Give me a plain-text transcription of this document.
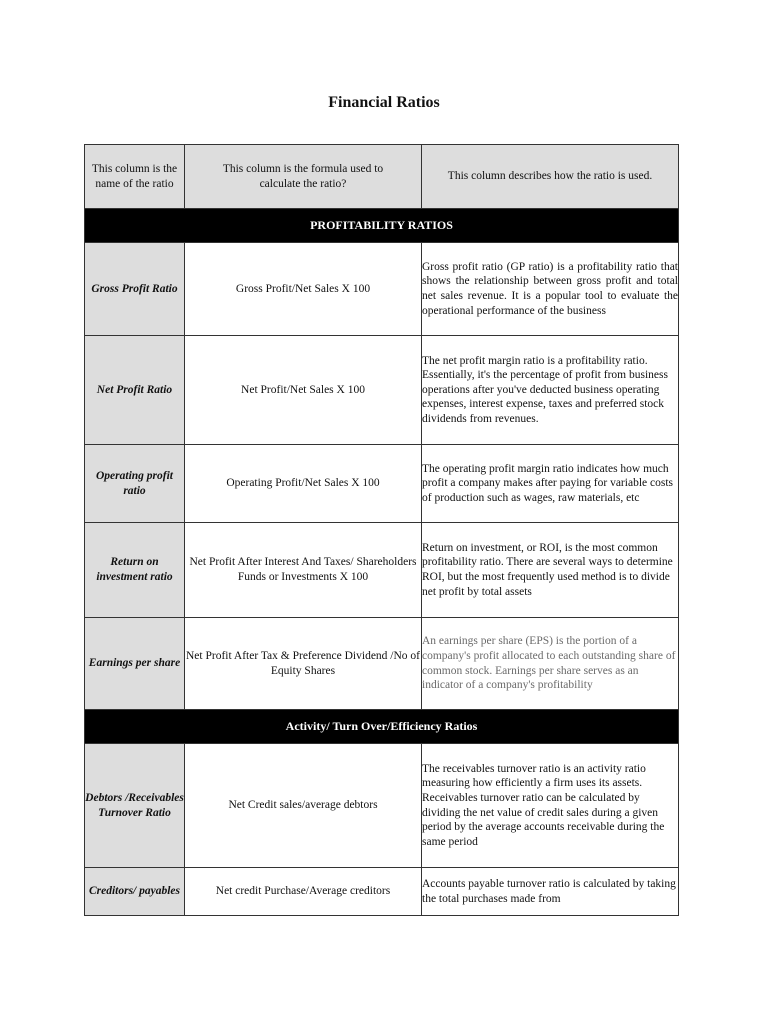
Financial Ratios
This column is the name of the ratio	This column is the formula used to calculate the ratio?	This column describes how the ratio is used.
PROFITABILITY RATIOS		
Gross Profit Ratio	Gross Profit/Net Sales X 100	Gross profit ratio (GP ratio) is a profitability ratio that shows the relationship between gross profit and total net sales revenue. It is a popular tool to evaluate the operational performance of the business
Net Profit Ratio	Net Profit/Net Sales X 100	The net profit margin ratio is a profitability ratio. Essentially, it's the percentage of profit from business operations after you've deducted business operating expenses, interest expense, taxes and preferred stock dividends from revenues.
Operating profit ratio	Operating Profit/Net Sales X 100	The operating profit margin ratio indicates how much profit a company makes after paying for variable costs of production such as wages, raw materials, etc
Return on investment ratio	Net Profit After Interest And Taxes/ Shareholders Funds or Investments X 100	Return on investment, or ROI, is the most common profitability ratio. There are several ways to determine ROI, but the most frequently used method is to divide net profit by total assets
Earnings per share	Net Profit After Tax & Preference Dividend /No of Equity Shares	An earnings per share (EPS) is the portion of a company's profit allocated to each outstanding share of common stock. Earnings per share serves as an indicator of a company's profitability
Activity/ Turn Over/Efficiency Ratios		
Debtors /Receivables Turnover Ratio	Net Credit sales/average debtors	The receivables turnover ratio is an activity ratio measuring how efficiently a firm uses its assets. Receivables turnover ratio can be calculated by dividing the net value of credit sales during a given period by the average accounts receivable during the same period
Creditors/ payables	Net credit Purchase/Average creditors	Accounts payable turnover ratio is calculated by taking the total purchases made from
